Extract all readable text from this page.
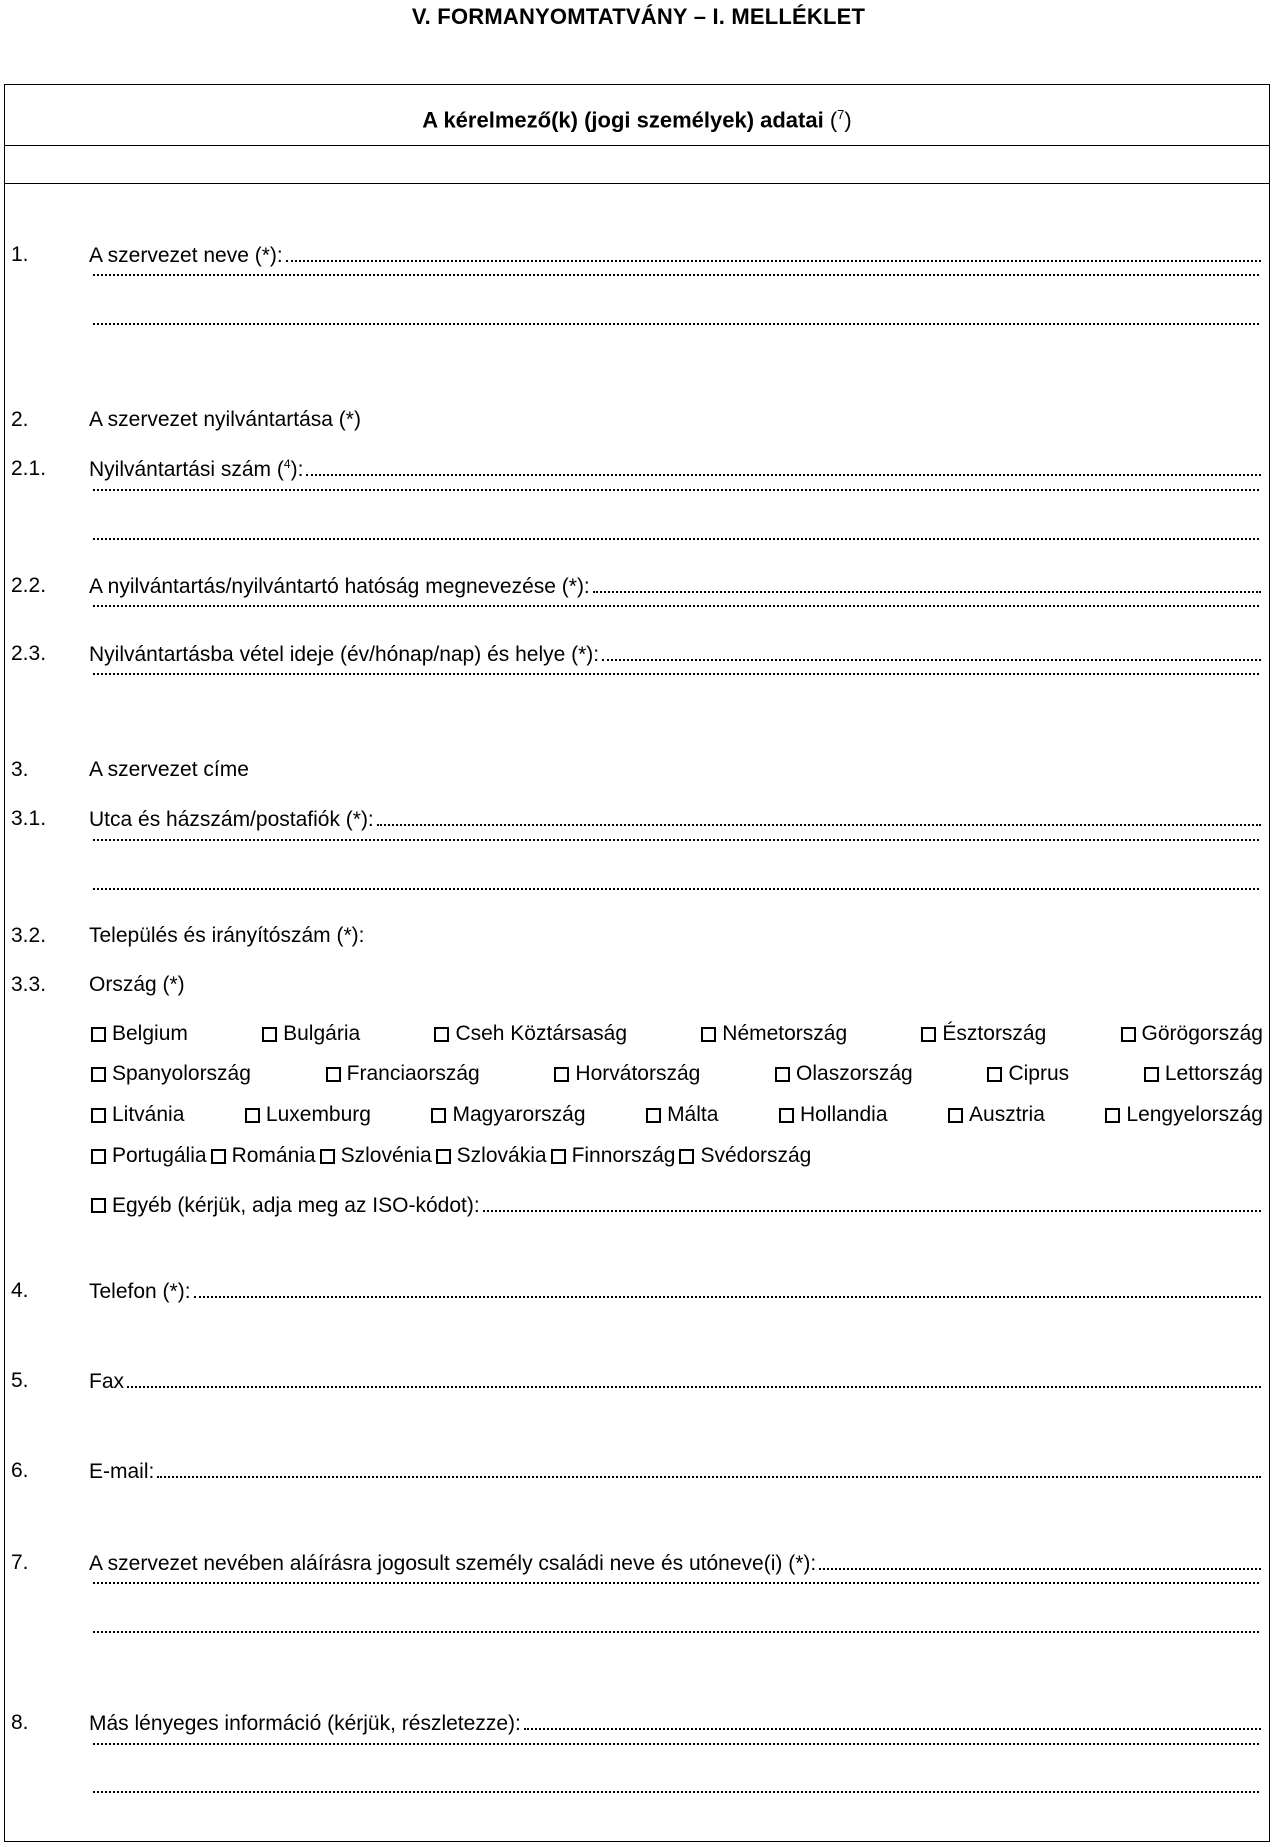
V. FORMANYOMTATVÁNY – I. MELLÉKLET
A kérelmező(k) (jogi személyek) adatai ($^7$)
1.	A szervezet neve (*):
2.	A szervezet nyilvántartása (*)
2.1. Nyilvántartási szám ($^4$):
2.2. A nyilvántartás/nyilvántartó hatóság megnevezése (*):
2.3. Nyilvántartásba vétel ideje (év/hónap/nap) és helye (*):
3.	A szervezet címe
3.1. Utca és házszám/postafiók (*):
3.2. Település és irányítószám (*):
3.3. Ország (*)
Belgium	Bulgária	Cseh Köztársaság	Németország	Észtország	Görögország
Spanyolország	Franciaország	Horvátország	Olaszország	Ciprus	Lettország
Litvánia	Luxemburg	Magyarország	Málta	Hollandia	Ausztria	Lengyelország
Portugália Románia Szlovénia Szlovákia Finnország Svédország
Egyéb (kérjük, adja meg az ISO-kódot):
4.	Telefon (*):
5.	Fax
6.	E-mail:
7.	A szervezet nevében aláírásra jogosult személy családi neve és utóneve(i) (*):
8.	Más lényeges információ (kérjük, részletezze):
